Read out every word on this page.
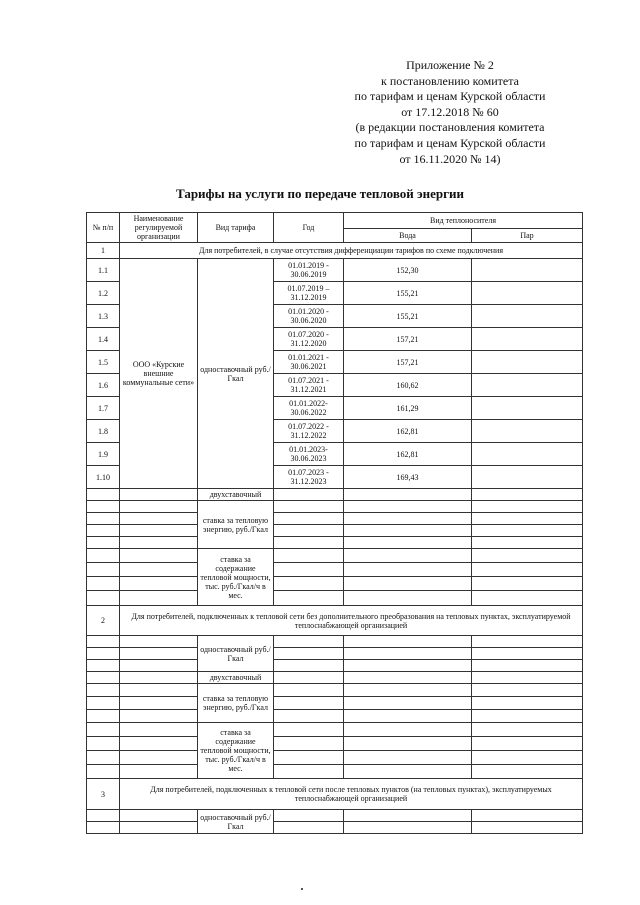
Приложение № 2
к постановлению комитета
по тарифам и ценам Курской области
от 17.12.2018 № 60
(в редакции постановления комитета
по тарифам и ценам Курской области
от 16.11.2020 № 14)
Тарифы на услуги по передаче тепловой энергии
№ п/п	Наименование регулируемой организации	Вид тарифа	Год	Вид теплоносителя	
				Вода	Пар
1	Для потребителей, в случае отсутствия дифференциации тарифов по схеме подключения				
1.1	ООО «Курские внешние коммунальные сети»	одноставочный руб./Гкал	01.01.2019 - 30.06.2019	152,30	
1.2			01.07.2019 – 31.12.2019	155,21	
1.3			01.01.2020 - 30.06.2020	155,21	
1.4			01.07.2020 - 31.12.2020	157,21	
1.5			01.01.2021 - 30.06.2021	157,21	
1.6			01.07.2021 - 31.12.2021	160,62	
1.7			01.01.2022- 30.06.2022	161,29	
1.8			01.07.2022 - 31.12.2022	162,81	
1.9			01.01.2023- 30.06.2023	162,81	
1.10			01.07.2023 - 31.12.2023	169,43	
		двухставочный			
		ставка за тепловую энергию, руб./Гкал			

		ставка за содержание тепловой мощности, тыс. руб./Гкал/ч в мес.			

2	Для потребителей, подключенных к тепловой сети без дополнительного преобразования на тепловых пунктах, эксплуатируемой теплоснабжающей организацией				
		одноставочный руб./Гкал			

		двухставочный			
		ставка за тепловую энергию, руб./Гкал			

		ставка за содержание тепловой мощности, тыс. руб./Гкал/ч в мес.			

3	Для потребителей, подключенных к тепловой сети после тепловых пунктов (на тепловых пунктах), эксплуатируемых теплоснабжающей организацией				
		одноставочный руб./Гкал			
